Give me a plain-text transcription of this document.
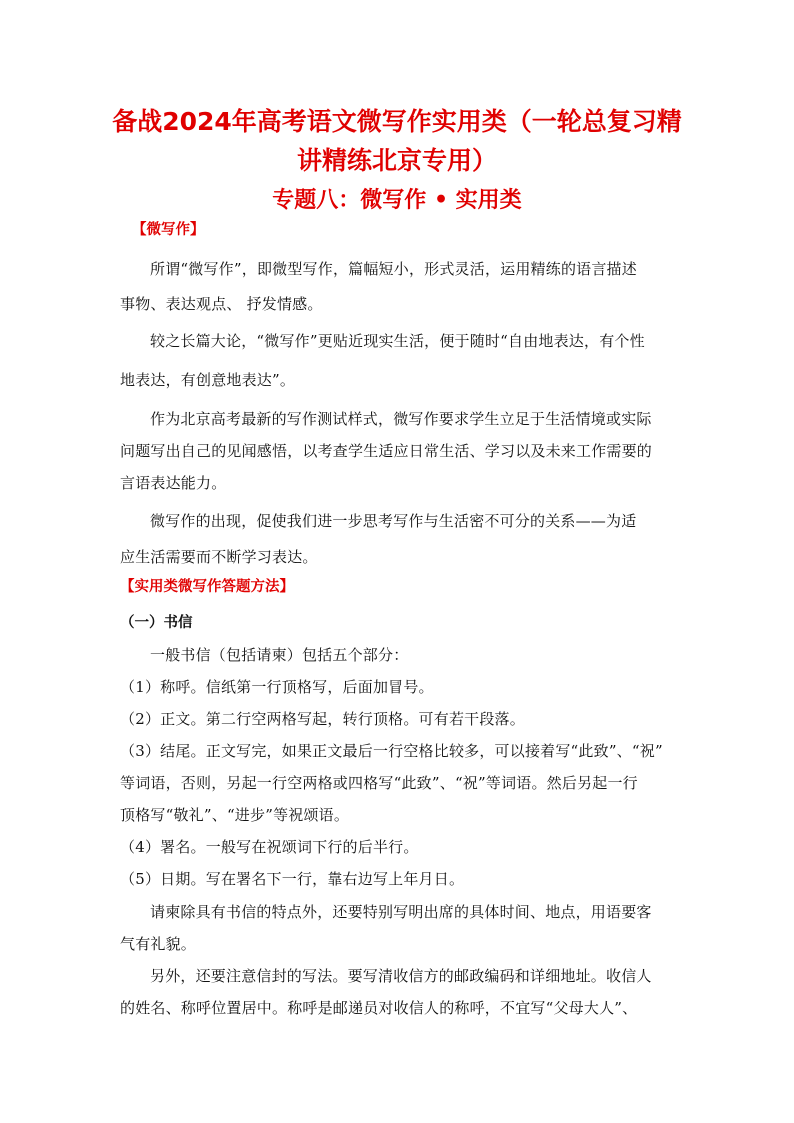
备战2024年高考语文微写作实用类（一轮总复习精
讲精练北京专用）
专题八：微写作 • 实用类
【微写作】
所谓“微写作”，即微型写作，篇幅短小，形式灵活，运用精练的语言描述
事物、表达观点、 抒发情感。
较之长篇大论，“微写作”更贴近现实生活，便于随时“自由地表达，有个性
地表达，有创意地表达”。
作为北京高考最新的写作测试样式，微写作要求学生立足于生活情境或实际
问题写出自己的见闻感悟，以考查学生适应日常生活、学习以及未来工作需要的
言语表达能力。
微写作的出现，促使我们进一步思考写作与生活密不可分的关系——为适
应生活需要而不断学习表达。
【实用类微写作答题方法】
（一）书信
一般书信（包括请柬）包括五个部分：
（1）称呼。信纸第一行顶格写，后面加冒号。
（2）正文。第二行空两格写起，转行顶格。可有若干段落。
（3）结尾。正文写完，如果正文最后一行空格比较多，可以接着写“此致”、“祝”
等词语，否则，另起一行空两格或四格写“此致”、“祝”等词语。然后另起一行
顶格写“敬礼”、“进步”等祝颂语。
（4）署名。一般写在祝颂词下行的后半行。
（5）日期。写在署名下一行，靠右边写上年月日。
请柬除具有书信的特点外，还要特别写明出席的具体时间、地点，用语要客
气有礼貌。
另外，还要注意信封的写法。要写清收信方的邮政编码和详细地址。收信人
的姓名、称呼位置居中。称呼是邮递员对收信人的称呼，不宜写“父母大人”、
